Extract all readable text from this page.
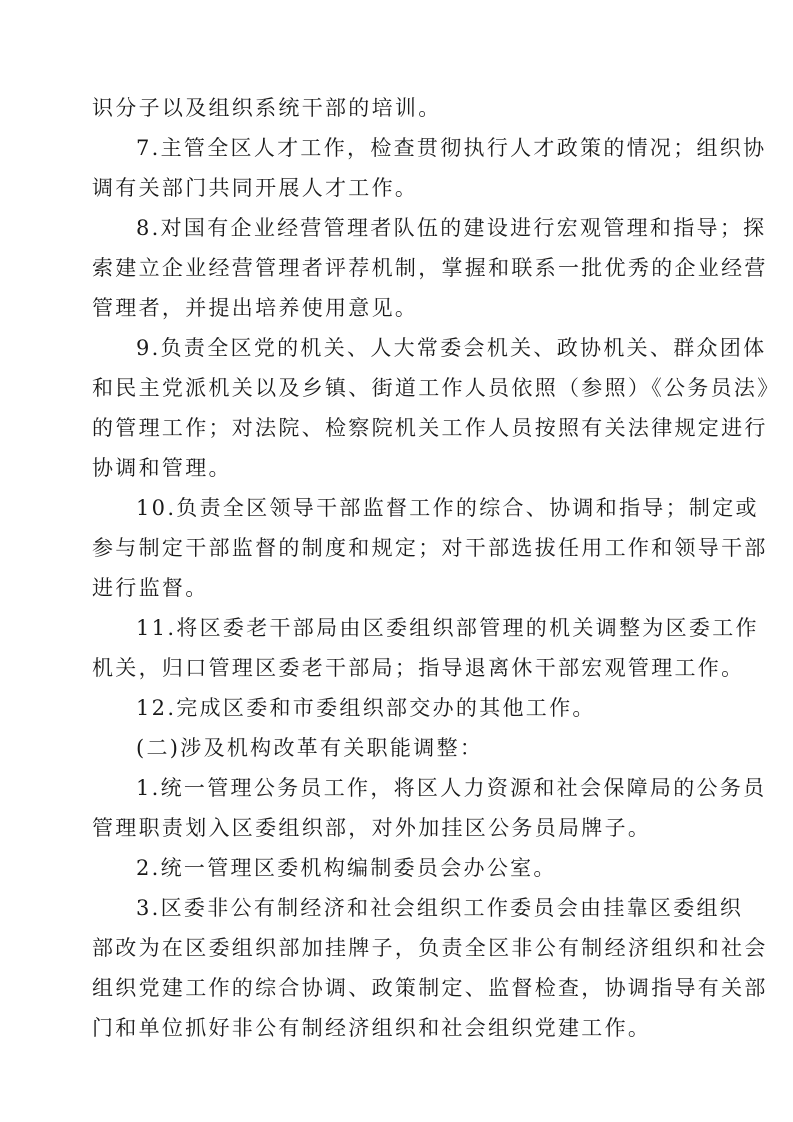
识分子以及组织系统干部的培训。
7.主管全区人才工作，检查贯彻执行人才政策的情况；组织协
调有关部门共同开展人才工作。
8.对国有企业经营管理者队伍的建设进行宏观管理和指导；探
索建立企业经营管理者评荐机制，掌握和联系一批优秀的企业经营
管理者，并提出培养使用意见。
9.负责全区党的机关、人大常委会机关、政协机关、群众团体
和民主党派机关以及乡镇、街道工作人员依照（参照）《公务员法》
的管理工作；对法院、检察院机关工作人员按照有关法律规定进行
协调和管理。
10.负责全区领导干部监督工作的综合、协调和指导；制定或
参与制定干部监督的制度和规定；对干部选拔任用工作和领导干部
进行监督。
11.将区委老干部局由区委组织部管理的机关调整为区委工作
机关，归口管理区委老干部局；指导退离休干部宏观管理工作。
12.完成区委和市委组织部交办的其他工作。
(二)涉及机构改革有关职能调整：
1.统一管理公务员工作，将区人力资源和社会保障局的公务员
管理职责划入区委组织部，对外加挂区公务员局牌子。
2.统一管理区委机构编制委员会办公室。
3.区委非公有制经济和社会组织工作委员会由挂靠区委组织
部改为在区委组织部加挂牌子，负责全区非公有制经济组织和社会
组织党建工作的综合协调、政策制定、监督检查，协调指导有关部
门和单位抓好非公有制经济组织和社会组织党建工作。
